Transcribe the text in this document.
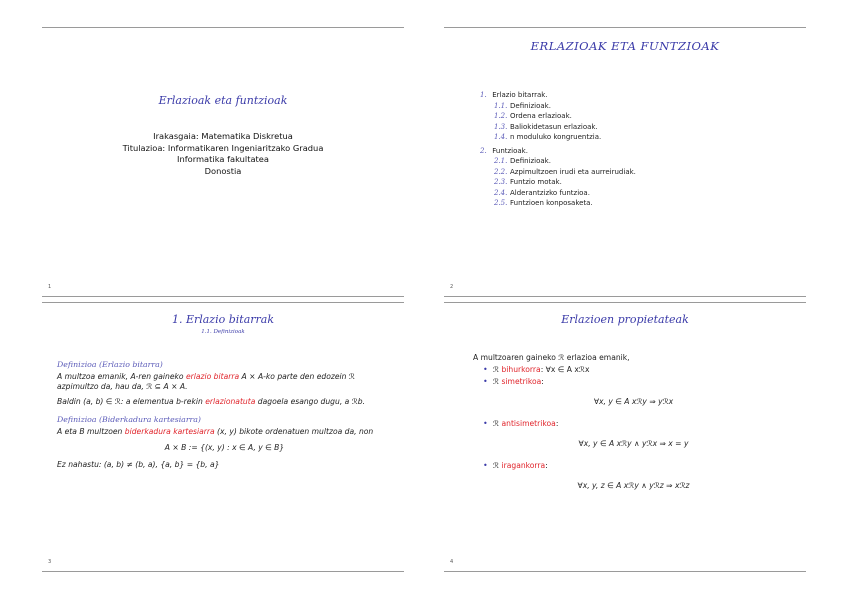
Erlazioak eta funtzioak
Irakasgaia: Matematika Diskretua
Titulazioa: Informatikaren Ingeniaritzako Gradua
Informatika fakultatea
Donostia
1
ERLAZIOAK ETA FUNTZIOAK
1. Erlazio bitarrak.
1.1. Definizioak.
1.2. Ordena erlazioak.
1.3. Baliokidetasun erlazioak.
1.4. n moduluko kongruentzia.
2. Funtzioak.
2.1. Definizioak.
2.2. Azpimultzoen irudi eta aurreirudiak.
2.3. Funtzio motak.
2.4. Alderantzizko funtzioa.
2.5. Funtzioen konposaketa.
2
1. Erlazio bitarrak
1.1. Definizioak
Definizioa (Erlazio bitarra)
A multzoa emanik, A-ren gaineko erlazio bitarra A × A-ko parte den edozein ℛ azpimultzo da, hau da, ℛ ⊆ A × A.
Baldin (a, b) ∈ ℛ: a elementua b-rekin erlazionatuta dagoela esango dugu, a ℛb.
Definizioa (Biderkadura kartesiarra)
A eta B multzoen biderkadura kartesiarra (x, y) bikote ordenatuen multzoa da, non
A × B := {(x, y) : x ∈ A, y ∈ B}
Ez nahastu: (a, b) ≠ (b, a), {a, b} = {b, a}
3
Erlazioen propietateak
A multzoaren gaineko ℛ erlazioa emanik,
• ℛ bihurkorra: ∀x ∈ A xℛx
• ℛ simetrikoa:
∀x, y ∈ A xℛy ⇒ yℛx
• ℛ antisimetrikoa:
∀x, y ∈ A xℛy ∧ yℛx ⇒ x = y
• ℛ iragankorra:
∀x, y, z ∈ A xℛy ∧ yℛz ⇒ xℛz
4
